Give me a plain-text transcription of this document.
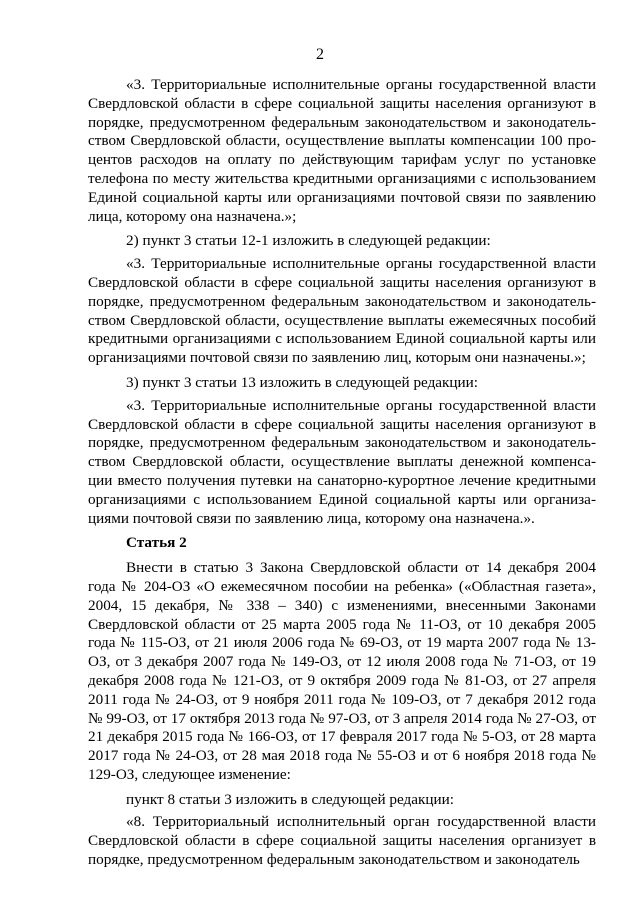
2

«3. Территориальные исполнительные органы государственной власти Свердловской области в сфере социальной защиты населения организуют в порядке, предусмотренном федеральным законодательством и законодательством Свердловской области, осуществление выплаты компенсации 100 процентов расходов на оплату по действующим тарифам услуг по установке телефона по месту жительства кредитными организациями с использованием Единой социальной карты или организациями почтовой связи по заявлению лица, которому она назначена.»;

2) пункт 3 статьи 12-1 изложить в следующей редакции:

«3. Территориальные исполнительные органы государственной власти Свердловской области в сфере социальной защиты населения организуют в порядке, предусмотренном федеральным законодательством и законодательством Свердловской области, осуществление выплаты ежемесячных пособий кредитными организациями с использованием Единой социальной карты или организациями почтовой связи по заявлению лиц, которым они назначены.»;

3) пункт 3 статьи 13 изложить в следующей редакции:

«3. Территориальные исполнительные органы государственной власти Свердловской области в сфере социальной защиты населения организуют в порядке, предусмотренном федеральным законодательством и законодательством Свердловской области, осуществление выплаты денежной компенсации вместо получения путевки на санаторно-курортное лечение кредитными организациями с использованием Единой социальной карты или организациями почтовой связи по заявлению лица, которому она назначена.».

Статья 2

Внести в статью 3 Закона Свердловской области от 14 декабря 2004 года № 204-ОЗ «О ежемесячном пособии на ребенка» («Областная газета», 2004, 15 декабря, № 338 – 340) с изменениями, внесенными Законами Свердловской области от 25 марта 2005 года № 11-ОЗ, от 10 декабря 2005 года № 115-ОЗ, от 21 июля 2006 года № 69-ОЗ, от 19 марта 2007 года № 13-ОЗ, от 3 декабря 2007 года № 149-ОЗ, от 12 июля 2008 года № 71-ОЗ, от 19 декабря 2008 года № 121-ОЗ, от 9 октября 2009 года № 81-ОЗ, от 27 апреля 2011 года № 24-ОЗ, от 9 ноября 2011 года № 109-ОЗ, от 7 декабря 2012 года № 99-ОЗ, от 17 октября 2013 года № 97-ОЗ, от 3 апреля 2014 года № 27-ОЗ, от 21 декабря 2015 года № 166-ОЗ, от 17 февраля 2017 года № 5-ОЗ, от 28 марта 2017 года № 24-ОЗ, от 28 мая 2018 года № 55-ОЗ и от 6 ноября 2018 года № 129-ОЗ, следующее изменение:

пункт 8 статьи 3 изложить в следующей редакции:

«8. Территориальный исполнительный орган государственной власти Свердловской области в сфере социальной защиты населения организует в порядке, предусмотренном федеральным законодательством и законодатель
